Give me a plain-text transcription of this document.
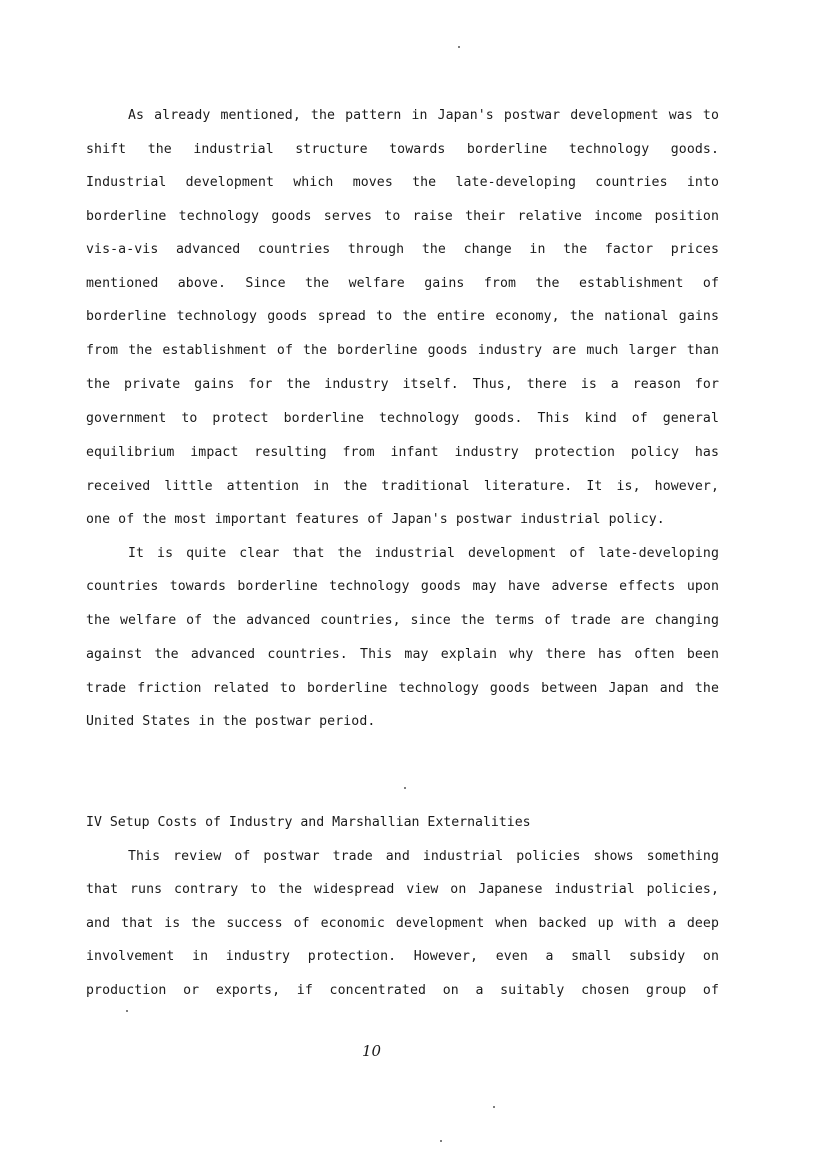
As already mentioned, the pattern in Japan's postwar development was to
shift the industrial structure towards borderline technology goods.
Industrial development which moves the late-developing countries into
borderline technology goods serves to raise their relative income position
vis-a-vis advanced countries through the change in the factor prices
mentioned above. Since the welfare gains from the establishment of
borderline technology goods spread to the entire economy, the national gains
from the establishment of the borderline goods industry are much larger than
the private gains for the industry itself. Thus, there is a reason for
government to protect borderline technology goods. This kind of general
equilibrium impact resulting from infant industry protection policy has
received little attention in the traditional literature. It is, however,
one of the most important features of Japan's postwar industrial policy.
It is quite clear that the industrial development of late-developing
countries towards borderline technology goods may have adverse effects upon
the welfare of the advanced countries, since the terms of trade are changing
against the advanced countries. This may explain why there has often been
trade friction related to borderline technology goods between Japan and the
United States in the postwar period.
IV Setup Costs of Industry and Marshallian Externalities
This review of postwar trade and industrial policies shows something
that runs contrary to the widespread view on Japanese industrial policies,
and that is the success of economic development when backed up with a deep
involvement in industry protection. However, even a small subsidy on
production or exports, if concentrated on a suitably chosen group of
10
